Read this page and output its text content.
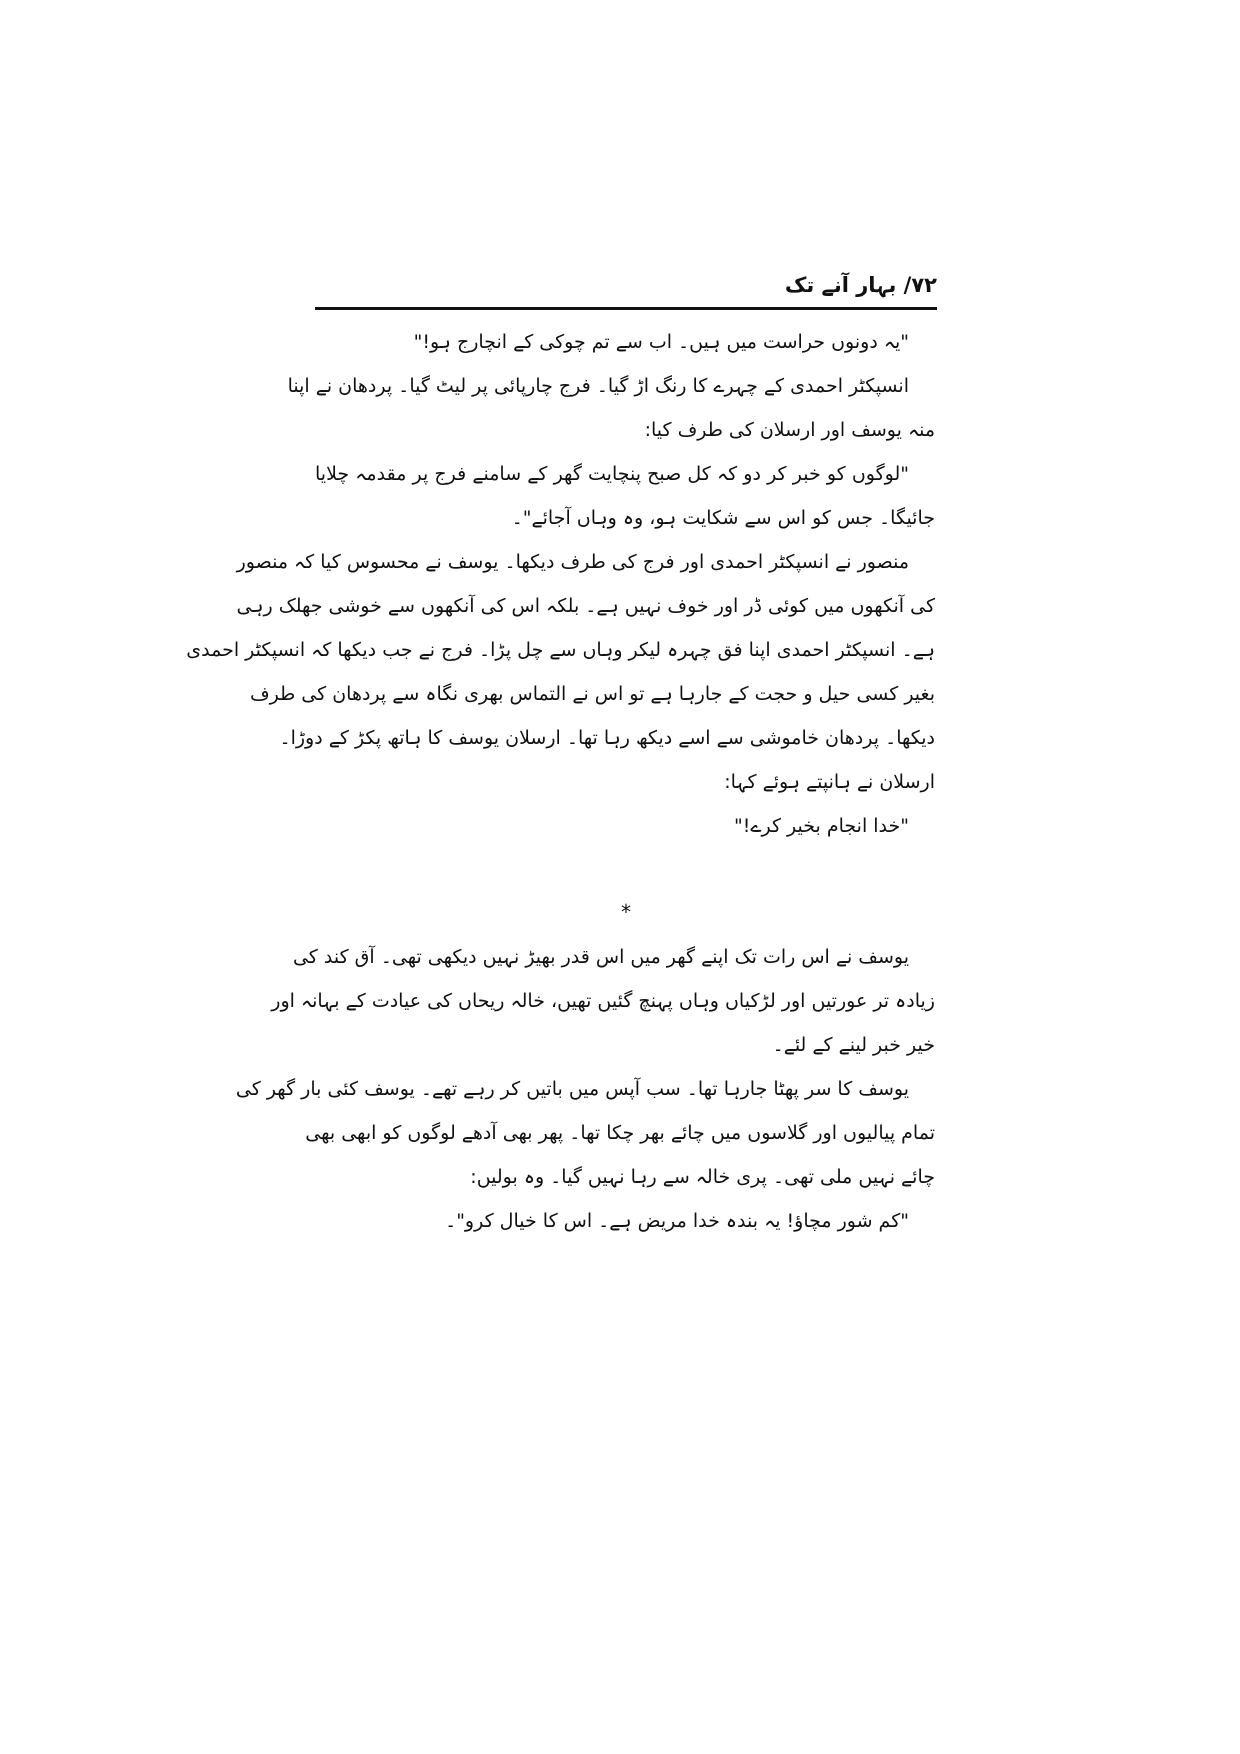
۷۲/ بہار آنے تک
"یہ دونوں حراست میں ہیں۔ اب سے تم چوکی کے انچارج ہو!"
انسپکٹر احمدی کے چہرے کا رنگ اڑ گیا۔ فرج چارپائی پر لیٹ گیا۔ پردھان نے اپنا
منہ یوسف اور ارسلان کی طرف کیا:
"لوگوں کو خبر کر دو کہ کل صبح پنچایت گھر کے سامنے فرج پر مقدمہ چلایا
جائیگا۔ جس کو اس سے شکایت ہو، وہ وہاں آجائے"۔
منصور نے انسپکٹر احمدی اور فرج کی طرف دیکھا۔ یوسف نے محسوس کیا کہ منصور
کی آنکھوں میں کوئی ڈر اور خوف نہیں ہے۔ بلکہ اس کی آنکھوں سے خوشی جھلک رہی
ہے۔ انسپکٹر احمدی اپنا فق چہرہ لیکر وہاں سے چل پڑا۔ فرج نے جب دیکھا کہ انسپکٹر احمدی
بغیر کسی حیل و حجت کے جارہا ہے تو اس نے التماس بھری نگاہ سے پردھان کی طرف
دیکھا۔ پردھان خاموشی سے اسے دیکھ رہا تھا۔ ارسلان یوسف کا ہاتھ پکڑ کے دوڑا۔
ارسلان نے ہانپتے ہوئے کہا:
"خدا انجام بخیر کرے!"
*
یوسف نے اس رات تک اپنے گھر میں اس قدر بھیڑ نہیں دیکھی تھی۔ آق کند کی
زیادہ تر عورتیں اور لڑکیاں وہاں پہنچ گئیں تھیں، خالہ ریحاں کی عیادت کے بہانہ اور
خیر خبر لینے کے لئے۔
یوسف کا سر پھٹا جارہا تھا۔ سب آپس میں باتیں کر رہے تھے۔ یوسف کئی بار گھر کی
تمام پیالیوں اور گلاسوں میں چائے بھر چکا تھا۔ پھر بھی آدھے لوگوں کو ابھی بھی
چائے نہیں ملی تھی۔ پری خالہ سے رہا نہیں گیا۔ وہ بولیں:
"کم شور مچاؤ! یہ بندہ خدا مریض ہے۔ اس کا خیال کرو"۔
